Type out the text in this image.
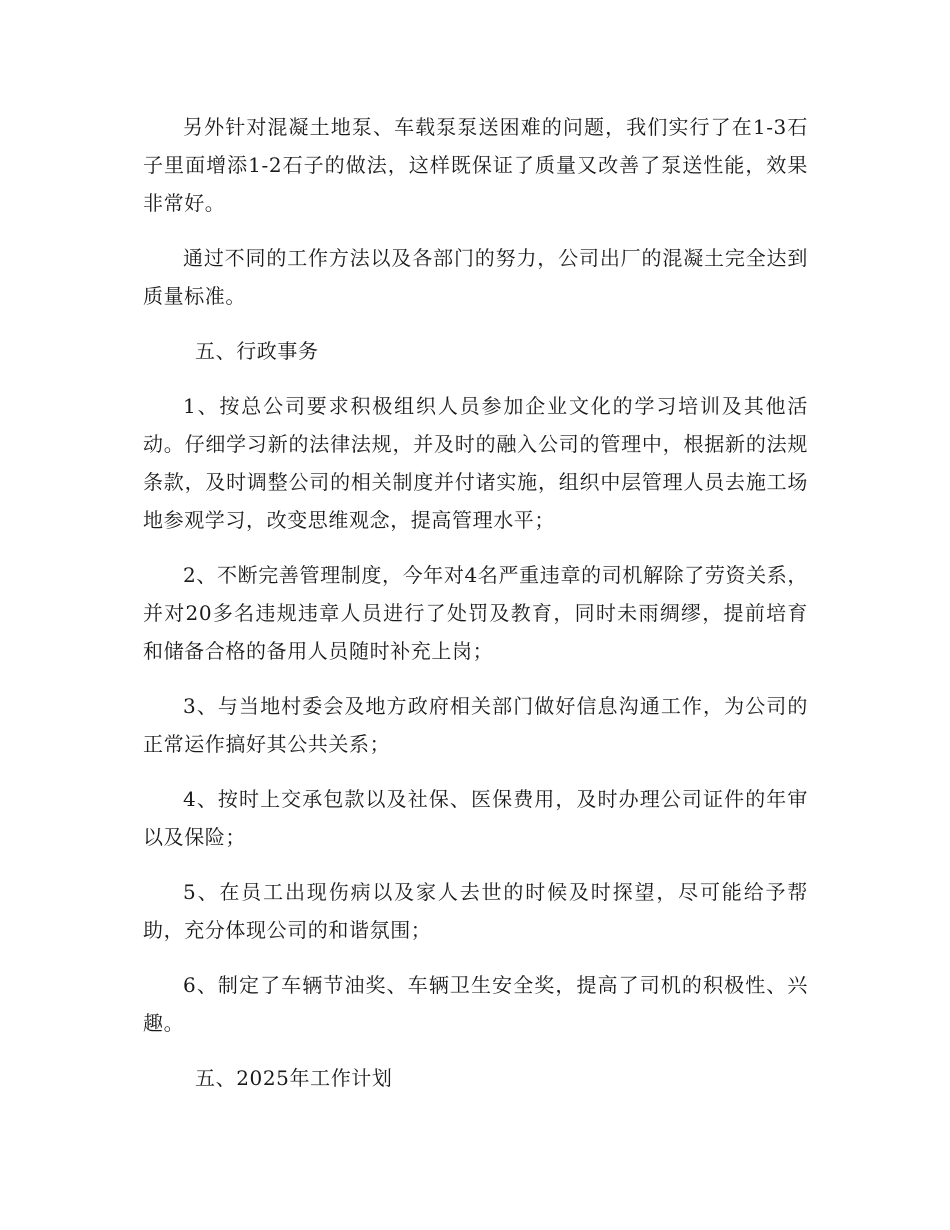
另外针对混凝土地泵、车载泵泵送困难的问题，我们实行了在1-3石子里面增添1-2石子的做法，这样既保证了质量又改善了泵送性能，效果非常好。

通过不同的工作方法以及各部门的努力，公司出厂的混凝土完全达到质量标准。

五、行政事务

1、按总公司要求积极组织人员参加企业文化的学习培训及其他活动。仔细学习新的法律法规，并及时的融入公司的管理中，根据新的法规条款，及时调整公司的相关制度并付诸实施，组织中层管理人员去施工场地参观学习，改变思维观念，提高管理水平；

2、不断完善管理制度，今年对4名严重违章的司机解除了劳资关系，并对20多名违规违章人员进行了处罚及教育，同时未雨绸缪，提前培育和储备合格的备用人员随时补充上岗；

3、与当地村委会及地方政府相关部门做好信息沟通工作，为公司的正常运作搞好其公共关系；

4、按时上交承包款以及社保、医保费用，及时办理公司证件的年审以及保险；

5、在员工出现伤病以及家人去世的时候及时探望，尽可能给予帮助，充分体现公司的和谐氛围；

6、制定了车辆节油奖、车辆卫生安全奖，提高了司机的积极性、兴趣。

五、2025年工作计划
